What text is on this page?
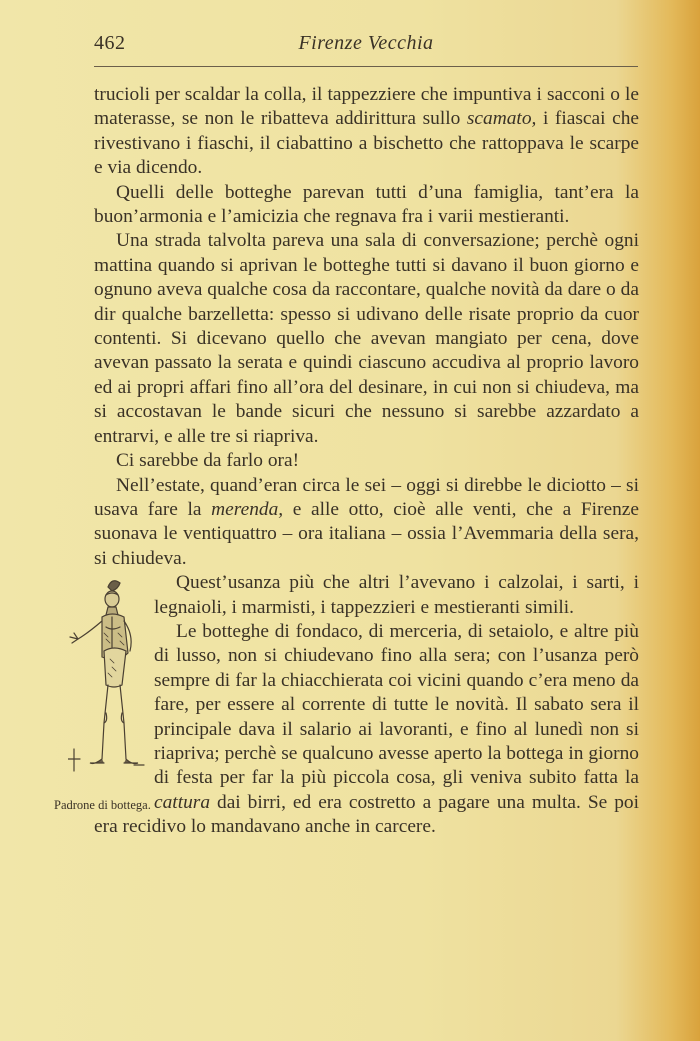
462	Firenze Vecchia

trucioli per scaldar la colla, il tappezziere che impuntiva i sacconi o le materasse, se non le ribatteva addirittura sullo scamato, i fiascai che rivestivano i fiaschi, il ciabattino a bischetto che rattoppava le scarpe e via dicendo.

Quelli delle botteghe parevan tutti d’una famiglia, tant’era la buon’armonia e l’amicizia che regnava fra i varii mestieranti.

Una strada talvolta pareva una sala di conversazione; perchè ogni mattina quando si aprivan le botteghe tutti si davano il buon giorno e ognuno aveva qualche cosa da raccontare, qualche novità da dare o da dir qualche barzelletta: spesso si udivano delle risate proprio da cuor contenti. Si dicevano quello che avevan mangiato per cena, dove avevan passato la serata e quindi ciascuno accudiva al proprio lavoro ed ai propri affari fino all’ora del desinare, in cui non si chiudeva, ma si accostavan le bande sicuri che nessuno si sarebbe azzardato a entrarvi, e alle tre si riapriva.

Ci sarebbe da farlo ora!

Nell’estate, quand’eran circa le sei – oggi si direbbe le diciotto – si usava fare la merenda, e alle otto, cioè alle venti, che a Firenze suonava le ventiquattro – ora italiana – ossia l’Avemmaria della sera, si chiudeva.

Padrone di bottega.
Quest’usanza più che altri l’avevano i calzolai, i sarti, i legnaioli, i marmisti, i tappezzieri e mestieranti simili.

Le botteghe di fondaco, di merceria, di setaiolo, e altre più di lusso, non si chiudevano fino alla sera; con l’usanza però sempre di far la chiacchierata coi vicini quando c’era meno da fare, per essere al corrente di tutte le novità. Il sabato sera il principale dava il salario ai lavoranti, e fino al lunedì non si riapriva; perchè se qualcuno avesse aperto la bottega in giorno di festa per far la più piccola cosa, gli veniva subito fatta la cattura dai birri, ed era costretto a pagare una multa. Se poi era recidivo lo mandavano anche in carcere.
